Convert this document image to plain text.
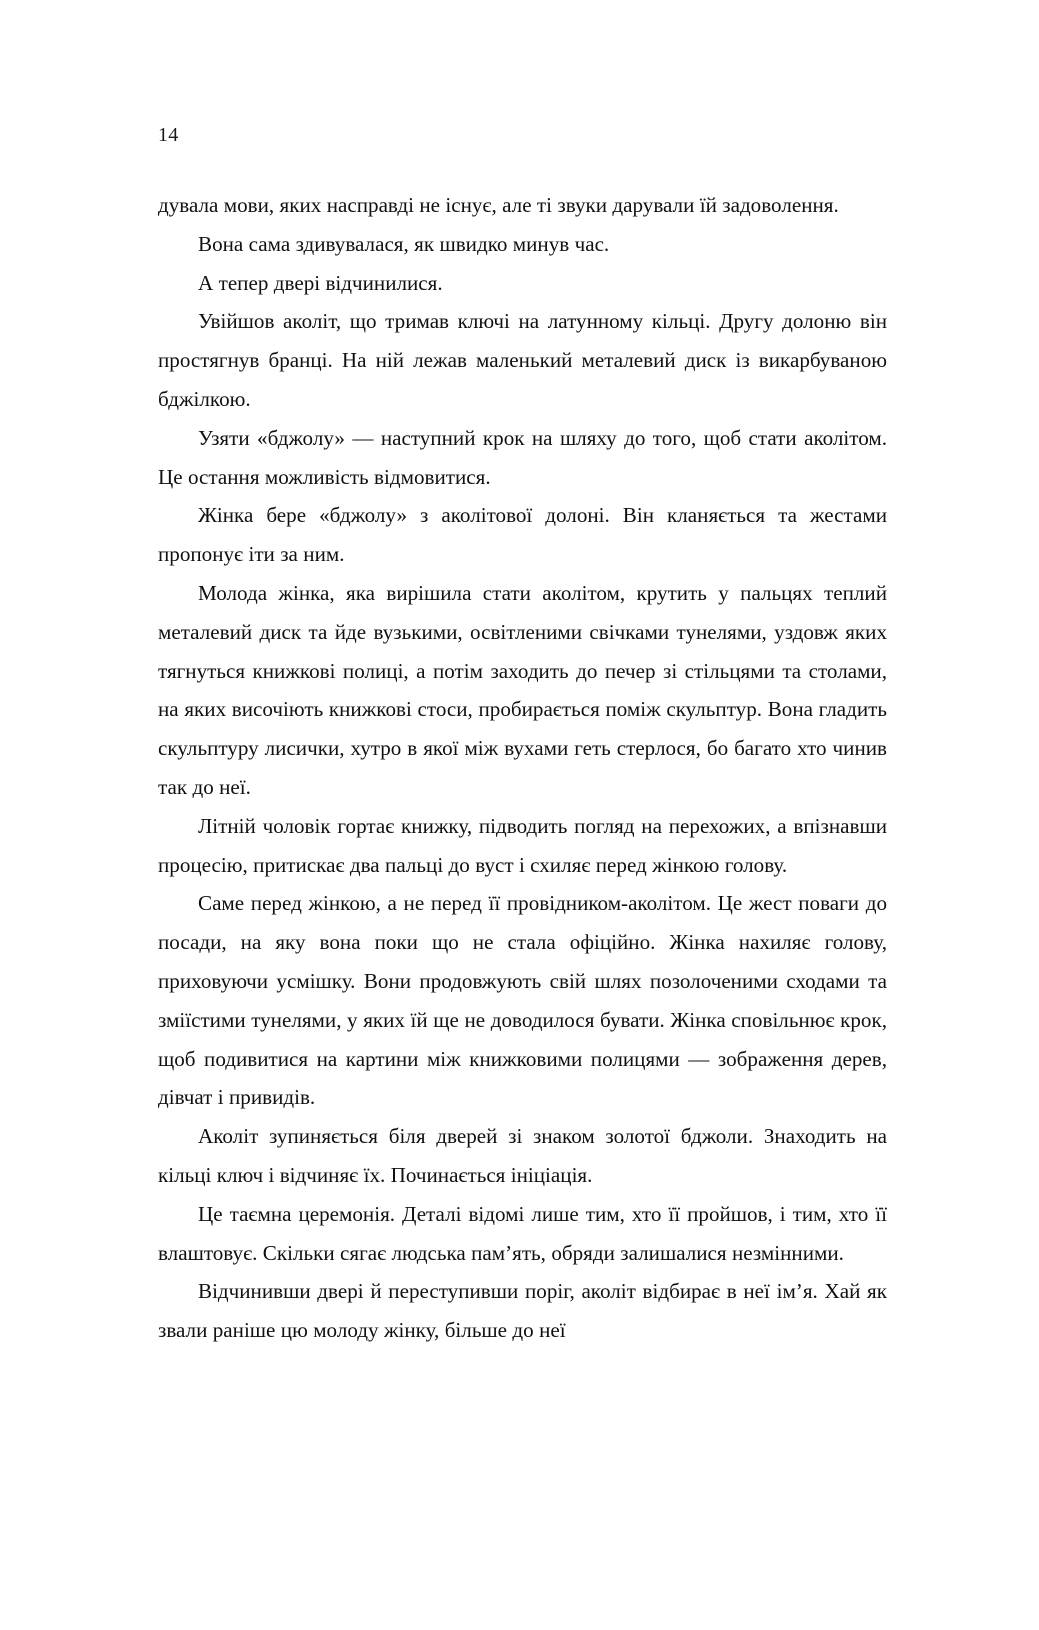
14

дувала мови, яких насправді не існує, але ті звуки дарували їй задоволення.

Вона сама здивувалася, як швидко минув час.

А тепер двері відчинилися.

Увійшов аколіт, що тримав ключі на латунному кільці. Другу долоню він простягнув бранці. На ній лежав маленький металевий диск із викарбуваною бджілкою.

Узяти «бджолу» — наступний крок на шляху до того, щоб стати аколітом. Це остання можливість відмовитися.

Жінка бере «бджолу» з аколітової долоні. Він кланяється та жестами пропонує іти за ним.

Молода жінка, яка вирішила стати аколітом, крутить у пальцях теплий металевий диск та йде вузькими, освітленими свічками тунелями, уздовж яких тягнуться книжкові полиці, а потім заходить до печер зі стільцями та столами, на яких височіють книжкові стоси, пробирається поміж скульптур. Вона гладить скульптуру лисички, хутро в якої між вухами геть стерлося, бо багато хто чинив так до неї.

Літній чоловік гортає книжку, підводить погляд на перехожих, а впізнавши процесію, притискає два пальці до вуст і схиляє перед жінкою голову.

Саме перед жінкою, а не перед її провідником-аколітом. Це жест поваги до посади, на яку вона поки що не стала офіційно. Жінка нахиляє голову, приховуючи усмішку. Вони продовжують свій шлях позолоченими сходами та зміїстими тунелями, у яких їй ще не доводилося бувати. Жінка сповільнює крок, щоб подивитися на картини між книжковими полицями — зображення дерев, дівчат і привидів.

Аколіт зупиняється біля дверей зі знаком золотої бджоли. Знаходить на кільці ключ і відчиняє їх. Починається ініціація.

Це таємна церемонія. Деталі відомі лише тим, хто її пройшов, і тим, хто її влаштовує. Скільки сягає людська пам’ять, обряди залишалися незмінними.

Відчинивши двері й переступивши поріг, аколіт відбирає в неї ім’я. Хай як звали раніше цю молоду жінку, більше до неї
